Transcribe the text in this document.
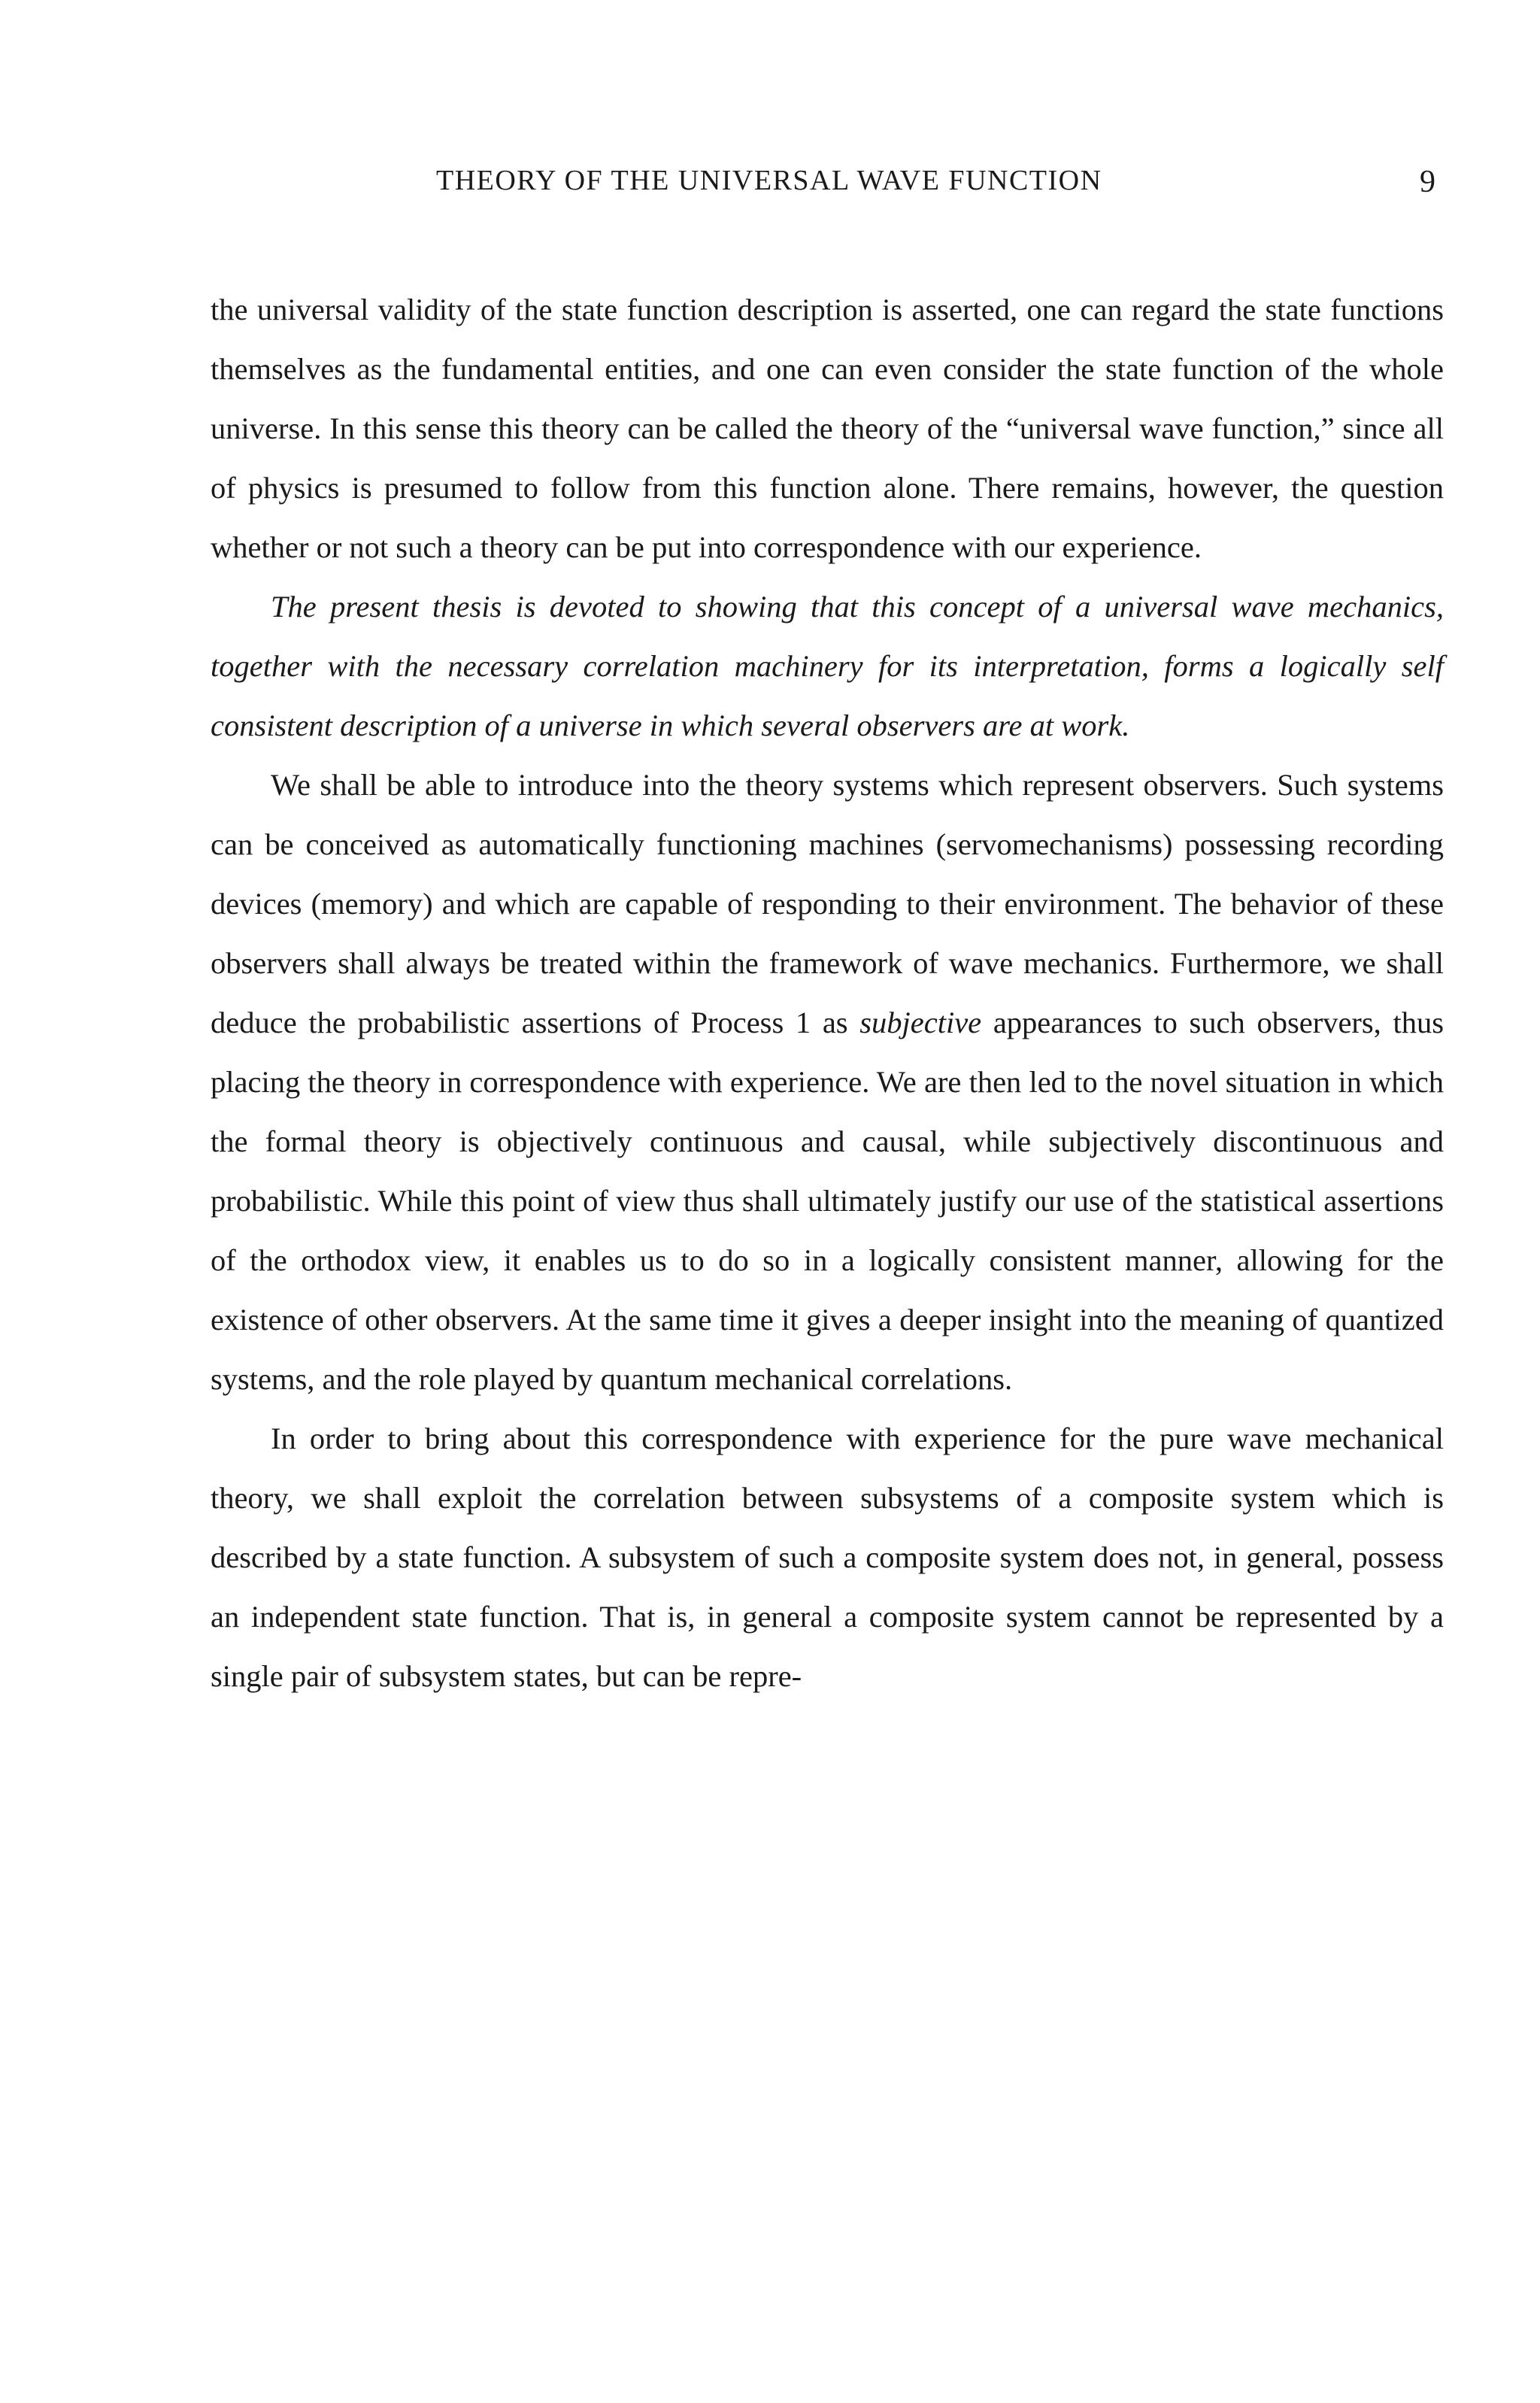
THEORY OF THE UNIVERSAL WAVE FUNCTION	9

the universal validity of the state function description is asserted, one can regard the state functions themselves as the fundamental entities, and one can even consider the state function of the whole universe. In this sense this theory can be called the theory of the “universal wave function,” since all of physics is presumed to follow from this function alone. There remains, however, the question whether or not such a theory can be put into correspondence with our experience.

The present thesis is devoted to showing that this concept of a universal wave mechanics, together with the necessary correlation machinery for its interpretation, forms a logically self consistent description of a universe in which several observers are at work.

We shall be able to introduce into the theory systems which represent observers. Such systems can be conceived as automatically functioning machines (servomechanisms) possessing recording devices (memory) and which are capable of responding to their environment. The behavior of these observers shall always be treated within the framework of wave mechanics. Furthermore, we shall deduce the probabilistic assertions of Process 1 as subjective appearances to such observers, thus placing the theory in correspondence with experience. We are then led to the novel situation in which the formal theory is objectively continuous and causal, while subjectively discontinuous and probabilistic. While this point of view thus shall ultimately justify our use of the statistical assertions of the orthodox view, it enables us to do so in a logically consistent manner, allowing for the existence of other observers. At the same time it gives a deeper insight into the meaning of quantized systems, and the role played by quantum mechanical correlations.

In order to bring about this correspondence with experience for the pure wave mechanical theory, we shall exploit the correlation between subsystems of a composite system which is described by a state function. A subsystem of such a composite system does not, in general, possess an independent state function. That is, in general a composite system cannot be represented by a single pair of subsystem states, but can be repre-
